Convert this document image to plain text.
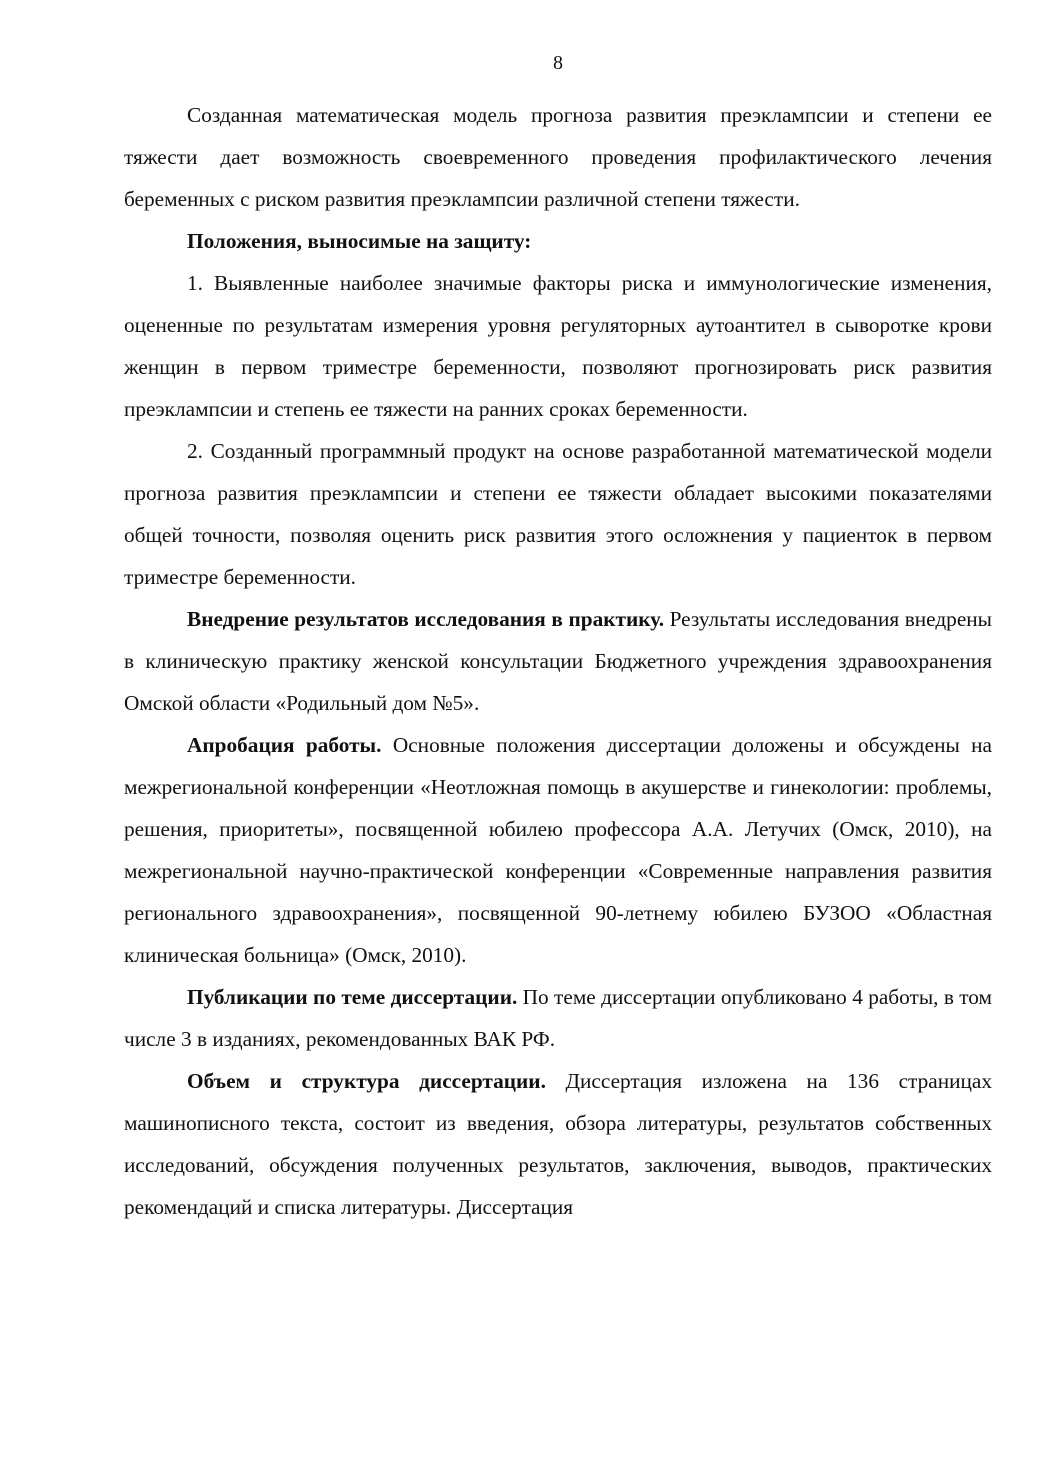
8

Созданная математическая модель прогноза развития преэклампсии и степени ее тяжести дает возможность своевременного проведения профилактического лечения беременных с риском развития преэклампсии различной степени тяжести.

Положения, выносимые на защиту:

1. Выявленные наиболее значимые факторы риска и иммунологические изменения, оцененные по результатам измерения уровня регуляторных аутоантител в сыворотке крови женщин в первом триместре беременности, позволяют прогнозировать риск развития преэклампсии и степень ее тяжести на ранних сроках беременности.

2. Созданный программный продукт на основе разработанной математической модели прогноза развития преэклампсии и степени ее тяжести обладает высокими показателями общей точности, позволяя оценить риск развития этого осложнения у пациенток в первом триместре беременности.

Внедрение результатов исследования в практику. Результаты исследования внедрены в клиническую практику женской консультации Бюджетного учреждения здравоохранения Омской области «Родильный дом №5».

Апробация работы. Основные положения диссертации доложены и обсуждены на межрегиональной конференции «Неотложная помощь в акушерстве и гинекологии: проблемы, решения, приоритеты», посвященной юбилею профессора А.А. Летучих (Омск, 2010), на межрегиональной научно-практической конференции «Современные направления развития регионального здравоохранения», посвященной 90-летнему юбилею БУЗОО «Областная клиническая больница» (Омск, 2010).

Публикации по теме диссертации. По теме диссертации опубликовано 4 работы, в том числе 3 в изданиях, рекомендованных ВАК РФ.

Объем и структура диссертации. Диссертация изложена на 136 страницах машинописного текста, состоит из введения, обзора литературы, результатов собственных исследований, обсуждения полученных результатов, заключения, выводов, практических рекомендаций и списка литературы. Диссертация
